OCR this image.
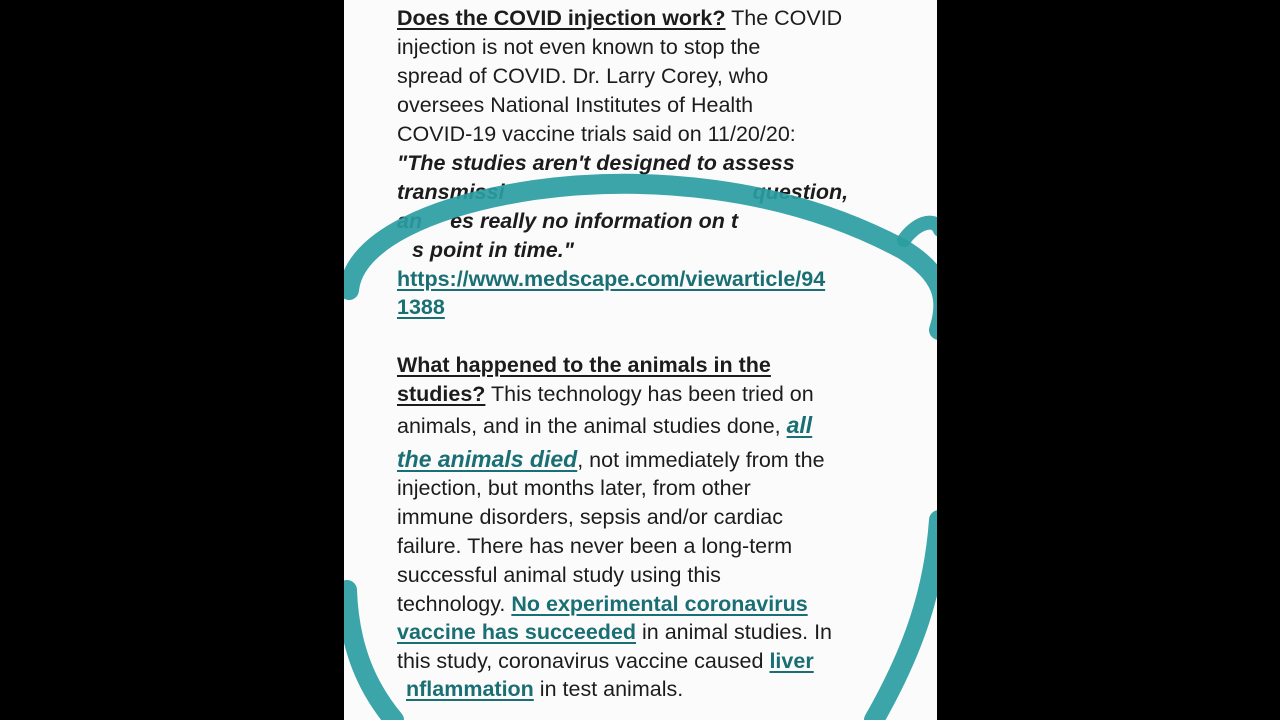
Does the COVID injection work? The COVID
injection is not even known to stop the
spread of COVID. Dr. Larry Corey, who
oversees National Institutes of Health
COVID-19 vaccine trials said on 11/20/20:
"The studies aren't designed to assess
transmissi	question,
an es really no information on t
s point in time."
https://www.medscape.com/viewarticle/94
1388
What happened to the animals in the
studies? This technology has been tried on
animals, and in the animal studies done, all
the animals died, not immediately from the
injection, but months later, from other
immune disorders, sepsis and/or cardiac
failure. There has never been a long-term
successful animal study using this
technology. No experimental coronavirus
vaccine has succeeded in animal studies. In
this study, coronavirus vaccine caused liver
nflammation in test animals.
